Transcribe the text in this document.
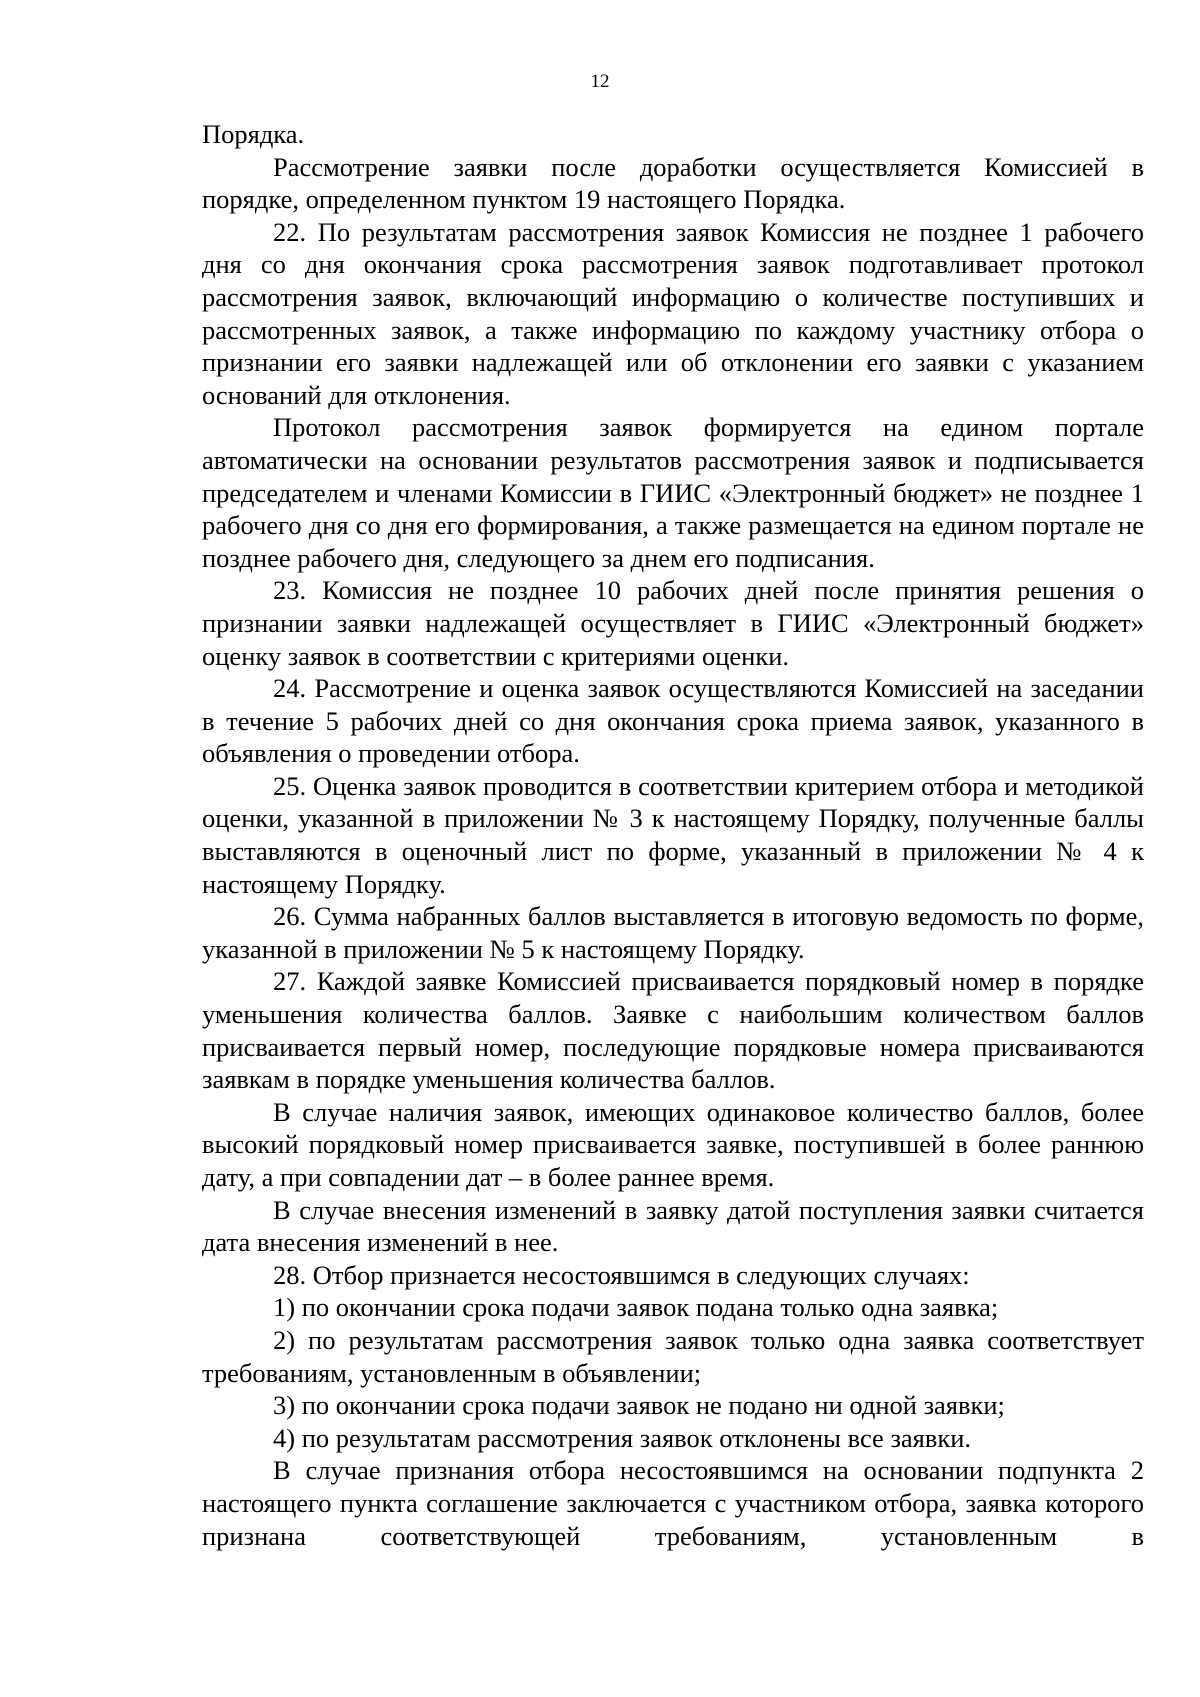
12

Порядка.

Рассмотрение заявки после доработки осуществляется Комиссией в порядке, определенном пунктом 19 настоящего Порядка.

22. По результатам рассмотрения заявок Комиссия не позднее 1 рабочего дня со дня окончания срока рассмотрения заявок подготавливает протокол рассмотрения заявок, включающий информацию о количестве поступивших и рассмотренных заявок, а также информацию по каждому участнику отбора о признании его заявки надлежащей или об отклонении его заявки с указанием оснований для отклонения.

Протокол рассмотрения заявок формируется на едином портале автоматически на основании результатов рассмотрения заявок и подписывается председателем и членами Комиссии в ГИИС «Электронный бюджет» не позднее 1 рабочего дня со дня его формирования, а также размещается на едином портале не позднее рабочего дня, следующего за днем его подписания.

23. Комиссия не позднее 10 рабочих дней после принятия решения о признании заявки надлежащей осуществляет в ГИИС «Электронный бюджет» оценку заявок в соответствии с критериями оценки.

24. Рассмотрение и оценка заявок осуществляются Комиссией на заседании в течение 5 рабочих дней со дня окончания срока приема заявок, указанного в объявления о проведении отбора.

25. Оценка заявок проводится в соответствии критерием отбора и методикой оценки, указанной в приложении № 3 к настоящему Порядку, полученные баллы выставляются в оценочный лист по форме, указанный в приложении № 4 к настоящему Порядку.

26. Сумма набранных баллов выставляется в итоговую ведомость по форме, указанной в приложении № 5 к настоящему Порядку.

27. Каждой заявке Комиссией присваивается порядковый номер в порядке уменьшения количества баллов. Заявке с наибольшим количеством баллов присваивается первый номер, последующие порядковые номера присваиваются заявкам в порядке уменьшения количества баллов.

В случае наличия заявок, имеющих одинаковое количество баллов, более высокий порядковый номер присваивается заявке, поступившей в более раннюю дату, а при совпадении дат – в более раннее время.

В случае внесения изменений в заявку датой поступления заявки считается дата внесения изменений в нее.

28. Отбор признается несостоявшимся в следующих случаях:

1) по окончании срока подачи заявок подана только одна заявка;

2) по результатам рассмотрения заявок только одна заявка соответствует требованиям, установленным в объявлении;

3) по окончании срока подачи заявок не подано ни одной заявки;

4) по результатам рассмотрения заявок отклонены все заявки.

В случае признания отбора несостоявшимся на основании подпункта 2 настоящего пункта соглашение заключается с участником отбора, заявка которого признана соответствующей требованиям, установленным в
